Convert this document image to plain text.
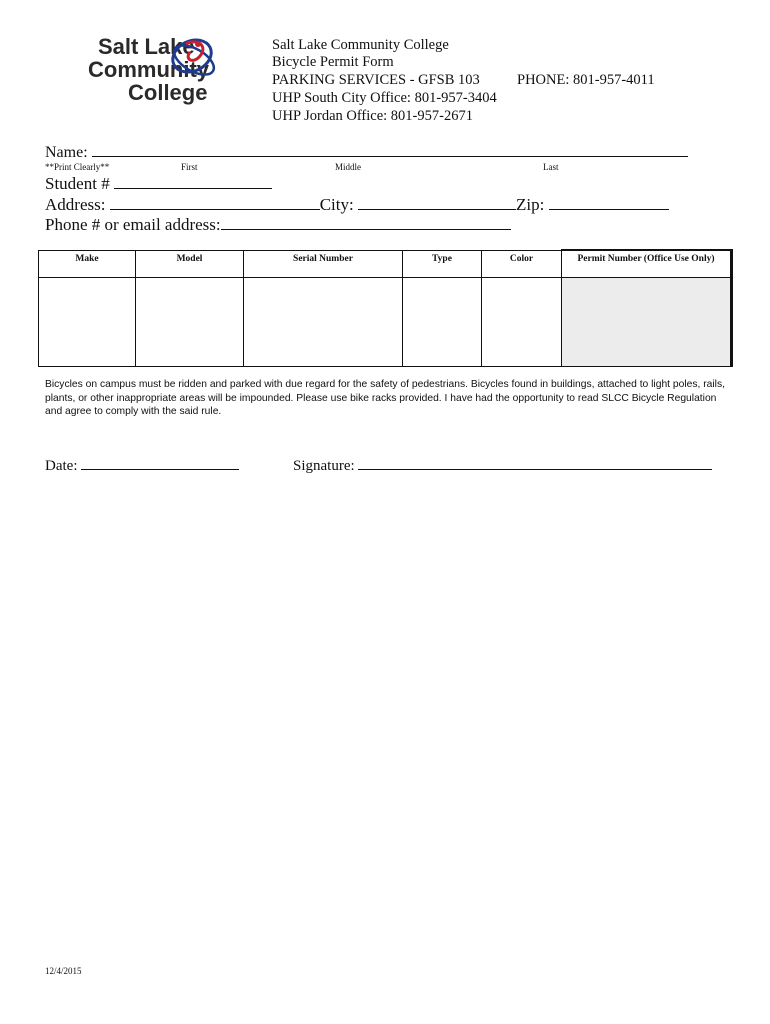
Salt Lake
Community
College
Salt Lake Community College
Bicycle Permit Form
PARKING SERVICES - GFSB 103	PHONE: 801-957-4011
UHP South City Office: 801-957-3404
UHP Jordan Office: 801-957-2671
Name:
**Print Clearly**	First	Middle	Last
Student #
Address:	City:	Zip:
Phone # or email address:
Make	Model	Serial Number	Type	Color	Permit Number (Office Use Only)

Bicycles on campus must be ridden and parked with due regard for the safety of pedestrians. Bicycles found in buildings, attached to light poles, rails, plants, or other inappropriate areas will be impounded. Please use bike racks provided. I have had the opportunity to read SLCC Bicycle Regulation and agree to comply with the said rule.
Date:	Signature:
12/4/2015
